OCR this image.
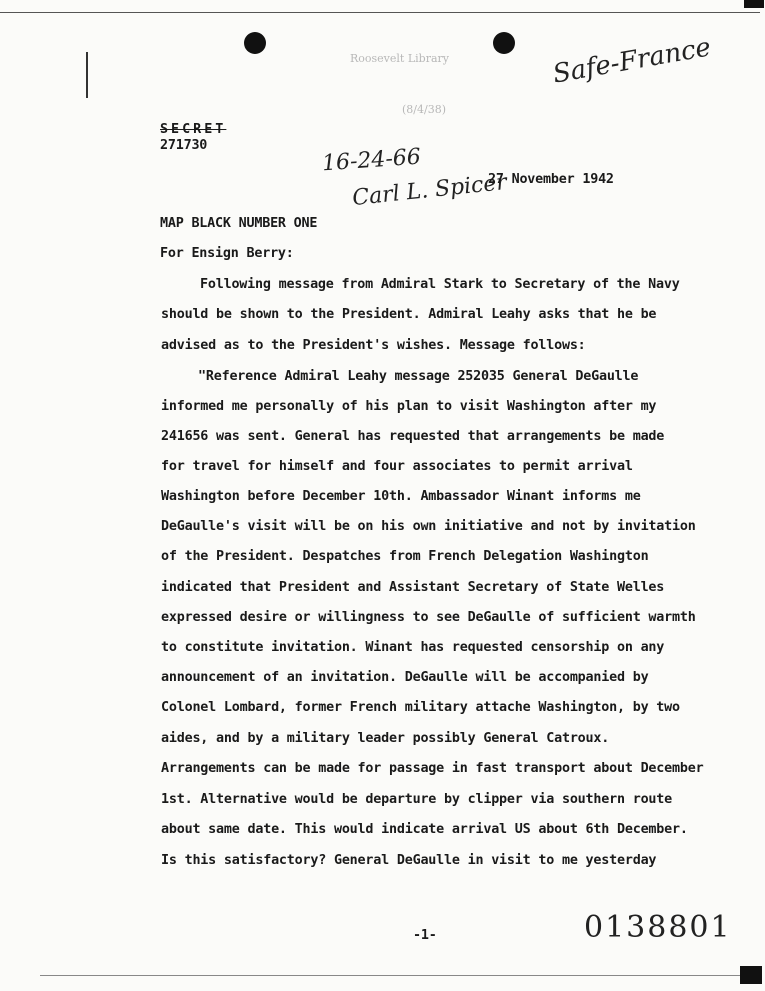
Roosevelt Library
(8/4/38)
Safe-France
16-24-66
Carl L. Spicer
SECRET
271730
27 November 1942
MAP BLACK NUMBER ONE
For Ensign Berry:
Following message from Admiral Stark to Secretary of the Navy
should be shown to the President. Admiral Leahy asks that he be
advised as to the President's wishes. Message follows:
"Reference Admiral Leahy message 252035 General DeGaulle
informed me personally of his plan to visit Washington after my
241656 was sent. General has requested that arrangements be made
for travel for himself and four associates to permit arrival
Washington before December 10th. Ambassador Winant informs me
DeGaulle's visit will be on his own initiative and not by invitation
of the President. Despatches from French Delegation Washington
indicated that President and Assistant Secretary of State Welles
expressed desire or willingness to see DeGaulle of sufficient warmth
to constitute invitation. Winant has requested censorship on any
announcement of an invitation. DeGaulle will be accompanied by
Colonel Lombard, former French military attache Washington, by two
aides, and by a military leader possibly General Catroux.
Arrangements can be made for passage in fast transport about December
1st. Alternative would be departure by clipper via southern route
about same date. This would indicate arrival US about 6th December.
Is this satisfactory? General DeGaulle in visit to me yesterday
-1-	0138801
